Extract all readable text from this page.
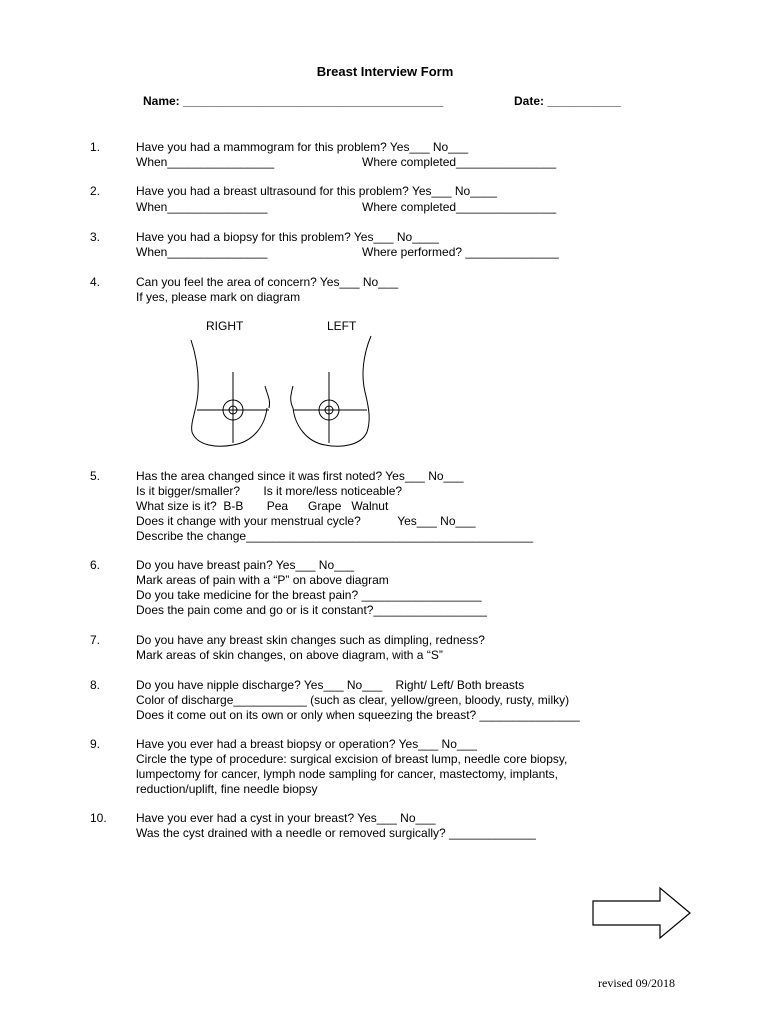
Breast Interview Form
Name: _______________________________________	Date: ___________
1.	Have you had a mammogram for this problem? Yes___ No___
When________________	Where completed_______________
2.	Have you had a breast ultrasound for this problem? Yes___ No____
When_______________	Where completed_______________
3.	Have you had a biopsy for this problem? Yes___ No____
When_______________	Where performed? ______________
4.	Can you feel the area of concern? Yes___ No___
If yes, please mark on diagram
RIGHT	LEFT
5.	Has the area changed since it was first noted? Yes___ No___
Is it bigger/smaller?       Is it more/less noticeable?
What size is it?  B-B       Pea      Grape   Walnut
Does it change with your menstrual cycle?           Yes___ No___
Describe the change___________________________________________
6.	Do you have breast pain? Yes___ No___
Mark areas of pain with a “P” on above diagram
Do you take medicine for the breast pain? __________________
Does the pain come and go or is it constant?_________________
7.	Do you have any breast skin changes such as dimpling, redness?
Mark areas of skin changes, on above diagram, with a “S”
8.	Do you have nipple discharge? Yes___ No___    Right/ Left/ Both breasts
Color of discharge___________ (such as clear, yellow/green, bloody, rusty, milky)
Does it come out on its own or only when squeezing the breast? _______________
9.	Have you ever had a breast biopsy or operation? Yes___ No___
Circle the type of procedure: surgical excision of breast lump, needle core biopsy,
lumpectomy for cancer, lymph node sampling for cancer, mastectomy, implants,
reduction/uplift, fine needle biopsy
10. Have you ever had a cyst in your breast? Yes___ No___
Was the cyst drained with a needle or removed surgically? _____________
revised 09/2018
